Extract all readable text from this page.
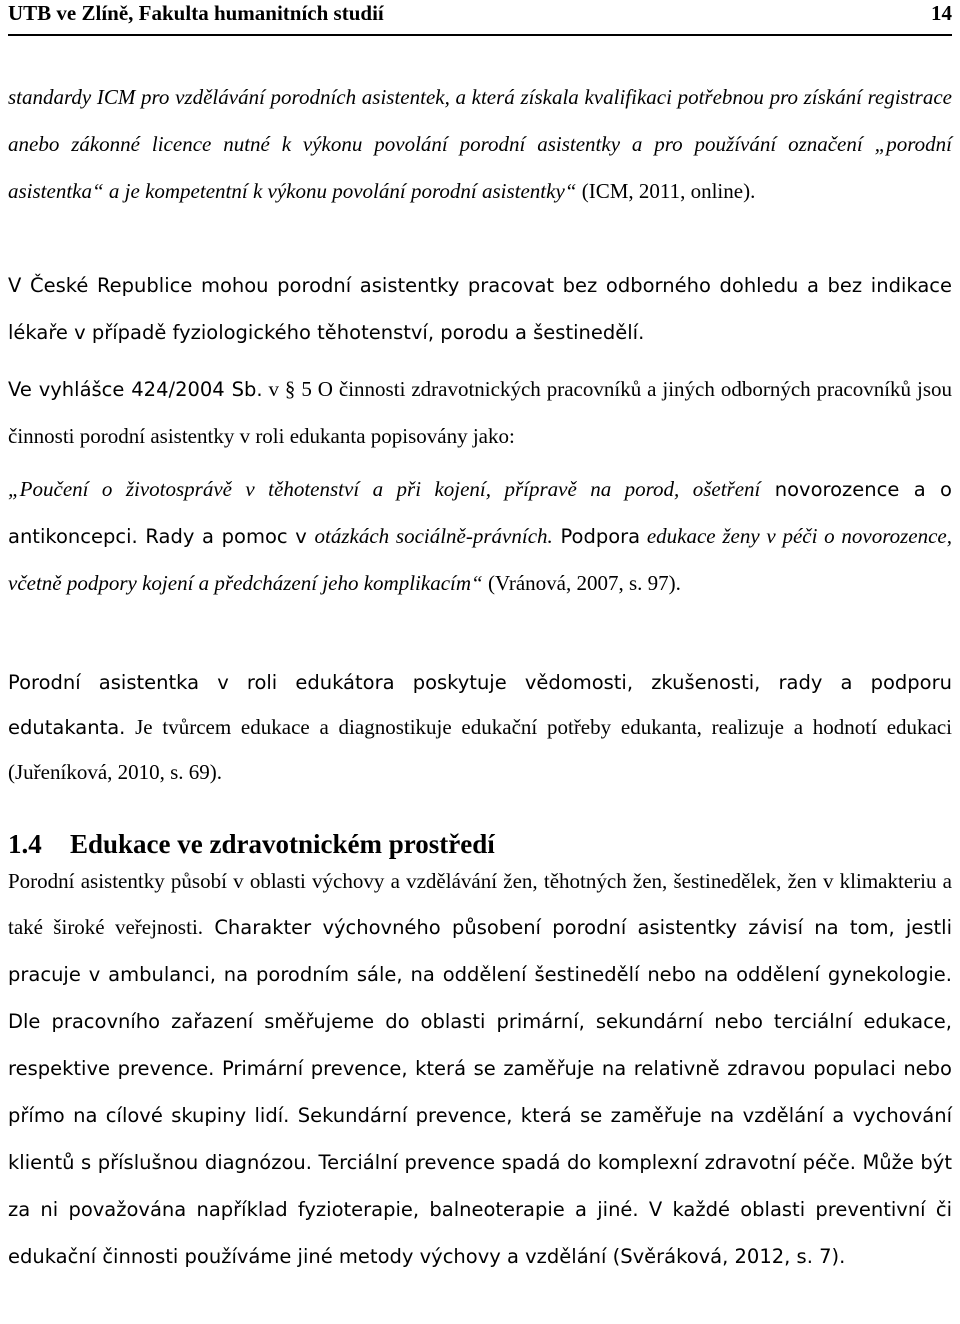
UTB ve Zlíně, Fakulta humanitních studií	14

standardy ICM pro vzdělávání porodních asistentek, a která získala kvalifikaci potřebnou pro získání registrace anebo zákonné licence nutné k výkonu povolání porodní asistentky a pro používání označení „porodní asistentka“ a je kompetentní k výkonu povolání porodní asistentky“ (ICM, 2011, online).

V České Republice mohou porodní asistentky pracovat bez odborného dohledu a bez indikace lékaře v případě fyziologického těhotenství, porodu a šestinedělí.

Ve vyhlášce 424/2004 Sb. v § 5 O činnosti zdravotnických pracovníků a jiných odborných pracovníků jsou činnosti porodní asistentky v roli edukanta popisovány jako:

„Poučení o životosprávě v těhotenství a při kojení, přípravě na porod, ošetření novorozence a o antikoncepci. Rady a pomoc v otázkách sociálně-právních. Podpora edukace ženy v péči o novorozence, včetně podpory kojení a předcházení jeho komplikacím“ (Vránová, 2007, s. 97).

Porodní asistentka v roli edukátora poskytuje vědomosti, zkušenosti, rady a podporu edutakanta. Je tvůrcem edukace a diagnostikuje edukační potřeby edukanta, realizuje a hodnotí edukaci (Juřeníková, 2010, s. 69).

1.4 Edukace ve zdravotnickém prostředí

Porodní asistentky působí v oblasti výchovy a vzdělávání žen, těhotných žen, šestinedělek, žen v klimakteriu a také široké veřejnosti. Charakter výchovného působení porodní asistentky závisí na tom, jestli pracuje v ambulanci, na porodním sále, na oddělení šestinedělí nebo na oddělení gynekologie. Dle pracovního zařazení směřujeme do oblasti primární, sekundární nebo terciální edukace, respektive prevence. Primární prevence, která se zaměřuje na relativně zdravou populaci nebo přímo na cílové skupiny lidí. Sekundární prevence, která se zaměřuje na vzdělání a vychování klientů s příslušnou diagnózou. Terciální prevence spadá do komplexní zdravotní péče. Může být za ni považována například fyzioterapie, balneoterapie a jiné. V každé oblasti preventivní či edukační činnosti používáme jiné metody výchovy a vzdělání (Svěráková, 2012, s. 7).
